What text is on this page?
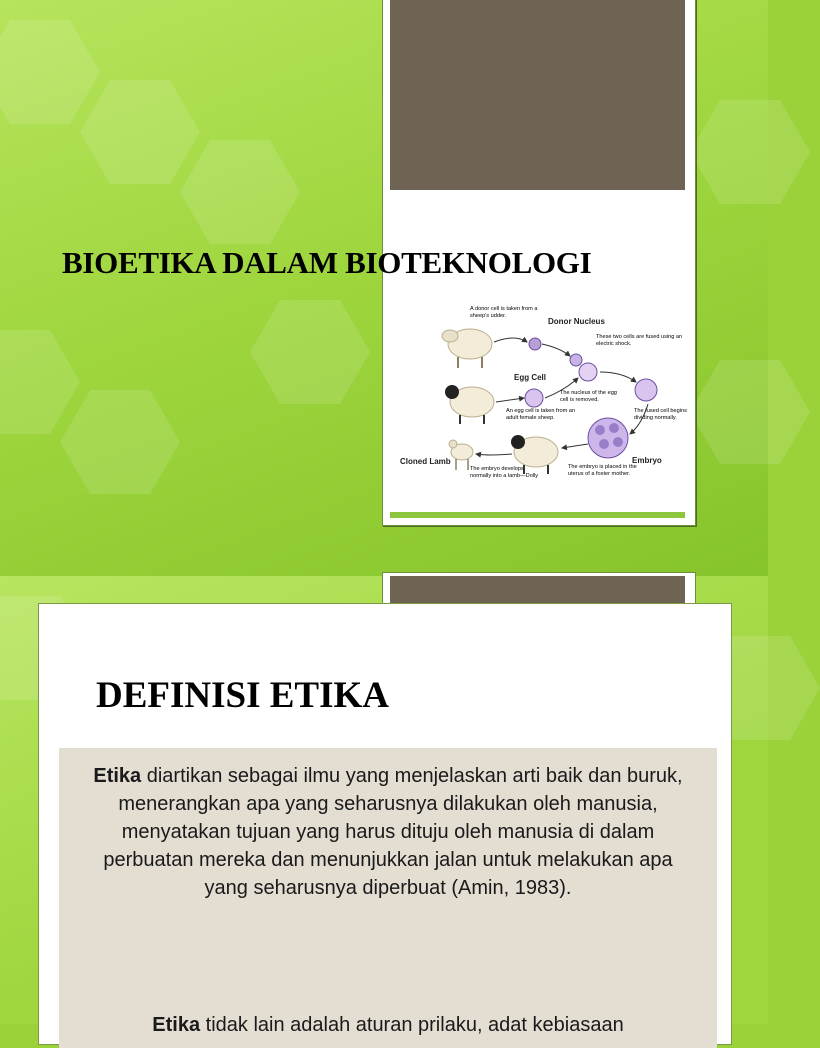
BIOETIKA DALAM BIOTEKNOLOGI
A donor cell is taken from a sheep's udder.
Donor Nucleus
These two cells are fused using an electric shock.
Egg Cell
The nucleus of the egg cell is removed.
An egg cell is taken from an adult female sheep.
The fused cell begins dividing normally.
Cloned Lamb	Embryo
The embryo develops normally into a lamb—Dolly
The embryo is placed in the uterus of a foster mother.
DEFINISI ETIKA

Etika diartikan sebagai ilmu yang menjelaskan arti baik dan buruk, menerangkan apa yang seharusnya dilakukan oleh manusia, menyatakan tujuan yang harus dituju oleh manusia di dalam perbuatan mereka dan menunjukkan jalan untuk melakukan apa yang seharusnya diperbuat (Amin, 1983).

Etika tidak lain adalah aturan prilaku, adat kebiasaan
